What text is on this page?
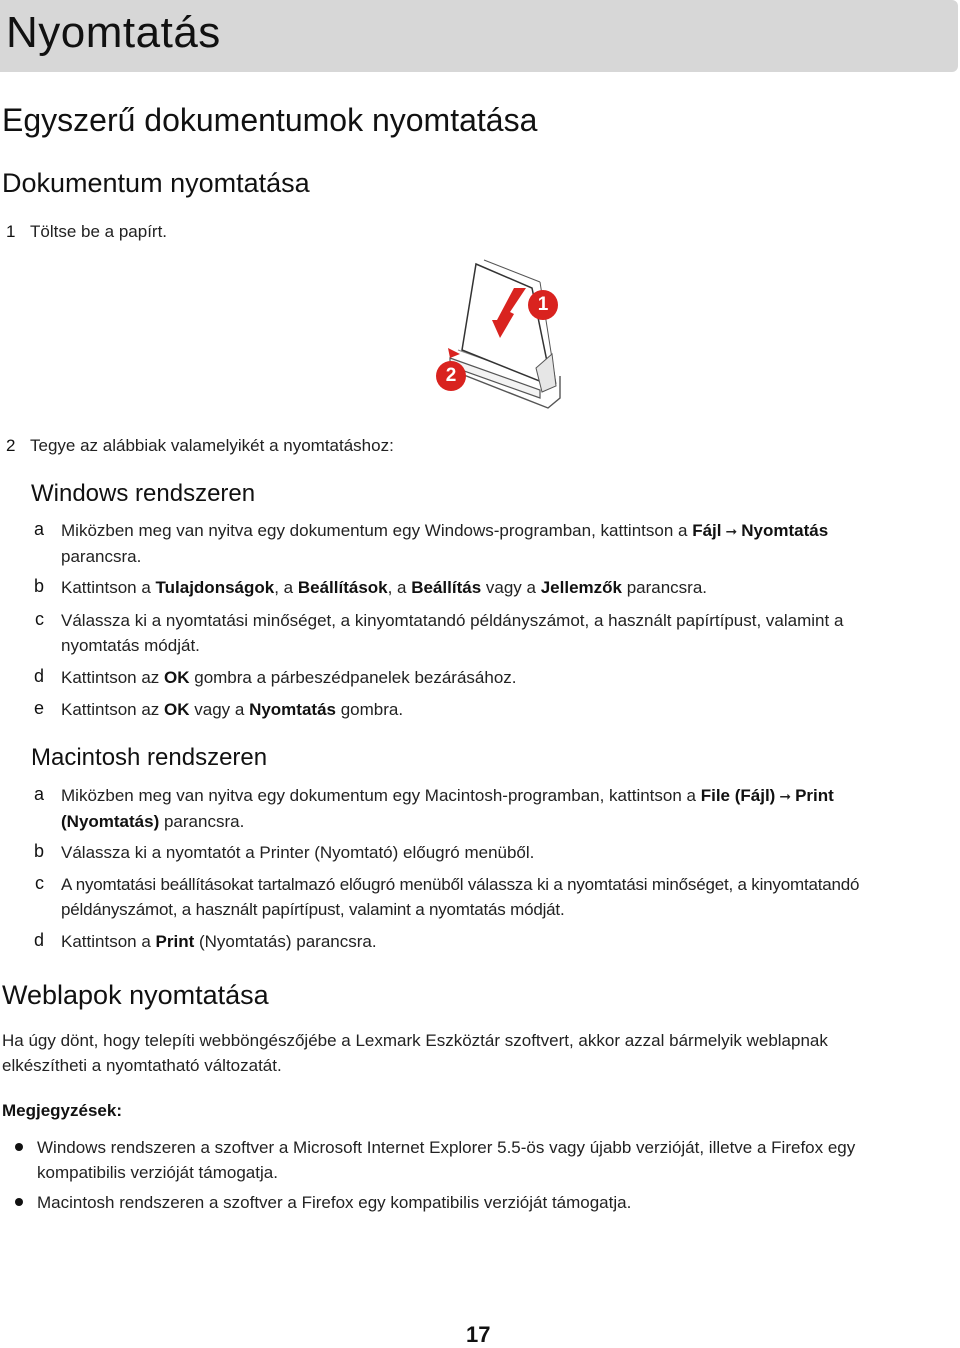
Nyomtatás
Egyszerű dokumentumok nyomtatása
Dokumentum nyomtatása
1 Töltse be a papírt.
1
2
2 Tegye az alábbiak valamelyikét a nyomtatáshoz:
Windows rendszeren
a Miközben meg van nyitva egy dokumentum egy Windows-programban, kattintson a Fájl ➞ Nyomtatás
parancsra.
b Kattintson a Tulajdonságok, a Beállítások, a Beállítás vagy a Jellemzők parancsra.
c Válassza ki a nyomtatási minőséget, a kinyomtatandó példányszámot, a használt papírtípust, valamint a
nyomtatás módját.
d Kattintson az OK gombra a párbeszédpanelek bezárásához.
e Kattintson az OK vagy a Nyomtatás gombra.
Macintosh rendszeren
a Miközben meg van nyitva egy dokumentum egy Macintosh-programban, kattintson a File (Fájl) ➞ Print
(Nyomtatás) parancsra.
b Válassza ki a nyomtatót a Printer (Nyomtató) előugró menüből.
c A nyomtatási beállításokat tartalmazó előugró menüből válassza ki a nyomtatási minőséget, a kinyomtatandó
példányszámot, a használt papírtípust, valamint a nyomtatás módját.
d Kattintson a Print (Nyomtatás) parancsra.
Weblapok nyomtatása
Ha úgy dönt, hogy telepíti webböngészőjébe a Lexmark Eszköztár szoftvert, akkor azzal bármelyik weblapnak
elkészítheti a nyomtatható változatát.
Megjegyzések:
Windows rendszeren a szoftver a Microsoft Internet Explorer 5.5-ös vagy újabb verzióját, illetve a Firefox egy
kompatibilis verzióját támogatja.
Macintosh rendszeren a szoftver a Firefox egy kompatibilis verzióját támogatja.
17
